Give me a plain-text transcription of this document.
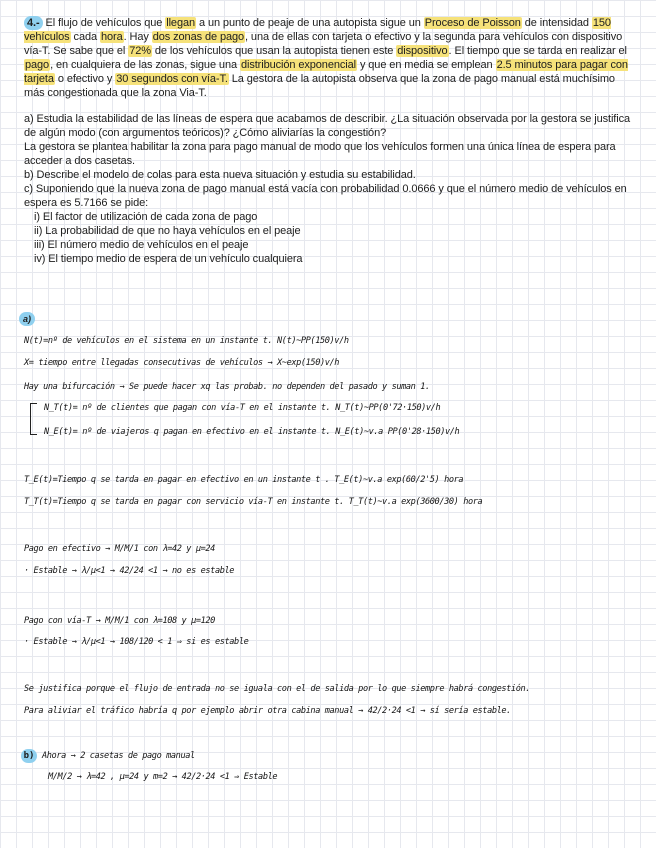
4.- El flujo de vehículos que llegan a un punto de peaje de una autopista sigue un Proceso de Poisson de intensidad 150 vehículos cada hora. Hay dos zonas de pago, una de ellas con tarjeta o efectivo y la segunda para vehículos con dispositivo vía-T. Se sabe que el 72% de los vehículos que usan la autopista tienen este dispositivo. El tiempo que se tarda en realizar el pago, en cualquiera de las zonas, sigue una distribución exponencial y que en media se emplean 2.5 minutos para pagar con tarjeta o efectivo y 30 segundos con vía-T. La gestora de la autopista observa que la zona de pago manual está muchísimo más congestionada que la zona Via-T.

a) Estudia la estabilidad de las líneas de espera que acabamos de describir. ¿La situación observada por la gestora se justifica de algún modo (con argumentos teóricos)? ¿Cómo aliviarías la congestión?

La gestora se plantea habilitar la zona para pago manual de modo que los vehículos formen una única línea de espera para acceder a dos casetas.

b) Describe el modelo de colas para esta nueva situación y estudia su estabilidad.

c) Suponiendo que la nueva zona de pago manual está vacía con probabilidad 0.0666 y que el número medio de vehículos en espera es 5.7166 se pide:

i) El factor de utilización de cada zona de pago

ii) La probabilidad de que no haya vehículos en el peaje

iii) El número medio de vehículos en el peaje

iv) El tiempo medio de espera de un vehículo cualquiera

a)
N(t)=nº de vehículos en el sistema en un instante t. N(t)~PP(150)v/h
X= tiempo entre llegadas consecutivas de vehículos → X~exp(150)v/h
Hay una bifurcación → Se puede hacer xq las probab. no dependen del pasado y suman 1.
N_T(t)= nº de clientes que pagan con vía-T en el instante t. N_T(t)~PP(0'72·150)v/h
N_E(t)= nº de viajeros q pagan en efectivo en el instante t. N_E(t)~v.a PP(0'28·150)v/h
T_E(t)=Tiempo q se tarda en pagar en efectivo en un instante t . T_E(t)~v.a exp(60/2'5) hora
T_T(t)=Tiempo q se tarda en pagar con servicio vía-T en instante t. T_T(t)~v.a exp(3600/30) hora
Pago en efectivo → M/M/1 con λ=42 y μ=24
· Estable → λ/μ<1 → 42/24 <1 → no es estable
Pago con vía-T → M/M/1 con λ=108 y μ=120
· Estable → λ/μ<1 → 108/120 < 1 ⇒ si es estable
Se justifica porque el flujo de entrada no se iguala con el de salida por lo que siempre habrá congestión.
Para aliviar el tráfico habría q por ejemplo abrir otra cabina manual → 42/2·24 <1 → sí sería estable.
b) Ahora → 2 casetas de pago manual
M/M/2 → λ=42 , μ=24 y m=2 → 42/2·24 <1 ⇒ Estable
